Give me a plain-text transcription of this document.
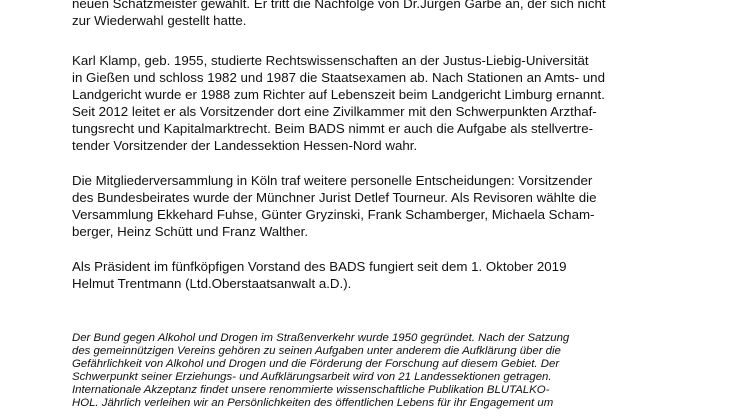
neuen Schatzmeister gewählt. Er tritt die Nachfolge von Dr.Jürgen Garbe an, der sich nicht
zur Wiederwahl gestellt hatte.
Karl Klamp, geb. 1955, studierte Rechtswissenschaften an der Justus-Liebig-Universität
in Gießen und schloss 1982 und 1987 die Staatsexamen ab. Nach Stationen an Amts- und
Landgericht wurde er 1988 zum Richter auf Lebenszeit beim Landgericht Limburg ernannt.
Seit 2012 leitet er als Vorsitzender dort eine Zivilkammer mit den Schwerpunkten Arzthaf-
tungsrecht und Kapitalmarktrecht. Beim BADS nimmt er auch die Aufgabe als stellvertre-
tender Vorsitzender der Landessektion Hessen-Nord wahr.
Die Mitgliederversammlung in Köln traf weitere personelle Entscheidungen: Vorsitzender
des Bundesbeirates wurde der Münchner Jurist Detlef Tourneur. Als Revisoren wählte die
Versammlung Ekkehard Fuhse, Günter Gryzinski, Frank Schamberger, Michaela Scham-
berger, Heinz Schütt und Franz Walther.
Als Präsident im fünfköpfigen Vorstand des BADS fungiert seit dem 1. Oktober 2019
Helmut Trentmann (Ltd.Oberstaatsanwalt a.D.).
Der Bund gegen Alkohol und Drogen im Straßenverkehr wurde 1950 gegründet. Nach der Satzung
des gemeinnützigen Vereins gehören zu seinen Aufgaben unter anderem die Aufklärung über die
Gefährlichkeit von Alkohol und Drogen und die Förderung der Forschung auf diesem Gebiet. Der
Schwerpunkt seiner Erziehungs- und Aufklärungsarbeit wird von 21 Landessektionen getragen.
Internationale Akzeptanz findet unsere renommierte wissenschaftliche Publikation BLUTALKO-
HOL. Jährlich verleihen wir an Persönlichkeiten des öffentlichen Lebens für ihr Engagement um
